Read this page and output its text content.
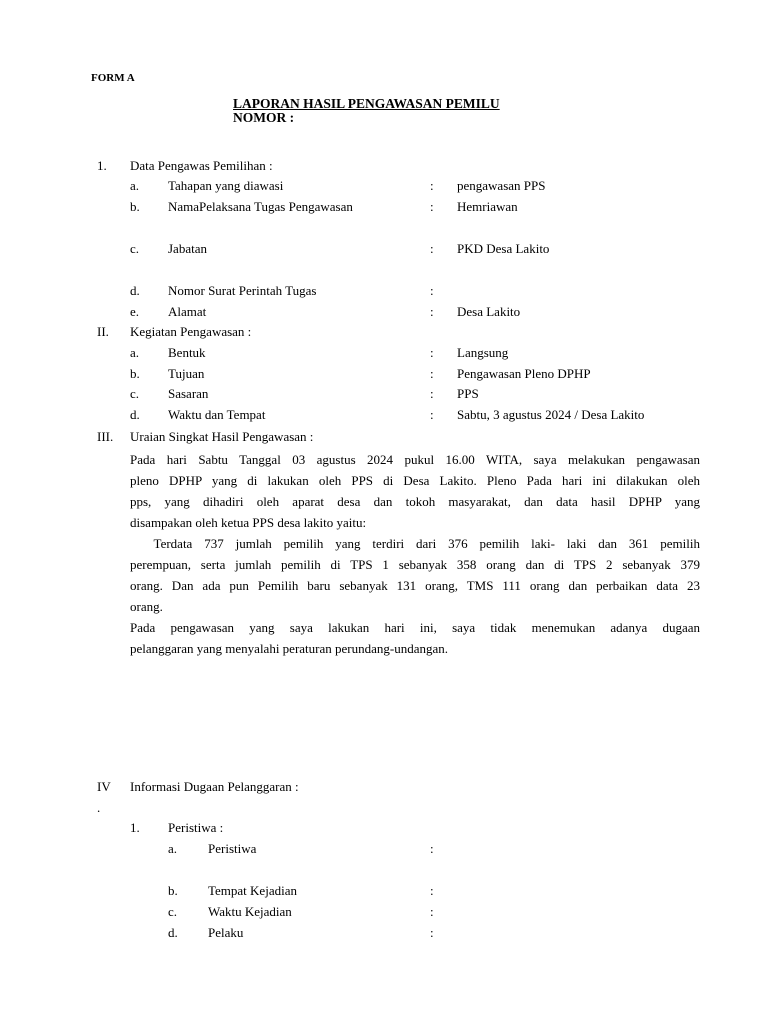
FORM A
LAPORAN HASIL PENGAWASAN PEMILU
NOMOR :
1. Data Pengawas Pemilihan :
a. Tahapan yang diawasi	: pengawasan PPS
b. NamaPelaksana Tugas Pengawasan	: Hemriawan
c. Jabatan	: PKD Desa Lakito
d. Nomor Surat Perintah Tugas	:
e. Alamat	: Desa Lakito
II. Kegiatan Pengawasan :
a. Bentuk	: Langsung
b. Tujuan	: Pengawasan Pleno DPHP
c. Sasaran	: PPS
d. Waktu dan Tempat	: Sabtu, 3 agustus 2024 / Desa Lakito
III. Uraian Singkat Hasil Pengawasan :
Pada hari Sabtu Tanggal 03 agustus 2024 pukul 16.00 WITA, saya melakukan pengawasan
pleno DPHP yang di lakukan oleh PPS di Desa Lakito. Pleno Pada hari ini dilakukan oleh
pps, yang dihadiri oleh aparat desa dan tokoh masyarakat, dan data hasil DPHP yang
disampakan oleh ketua PPS desa lakito yaitu:
Terdata 737 jumlah pemilih yang terdiri dari 376 pemilih laki- laki dan 361 pemilih
perempuan, serta jumlah pemilih di TPS 1 sebanyak 358 orang dan di TPS 2 sebanyak 379
orang. Dan ada pun Pemilih baru sebanyak 131 orang, TMS 111 orang dan perbaikan data 23
orang.
Pada pengawasan yang saya lakukan hari ini, saya tidak menemukan adanya dugaan
pelanggaran yang menyalahi peraturan perundang-undangan.
IV
.
Informasi Dugaan Pelanggaran :
1. Peristiwa :
a. Peristiwa	:
b. Tempat Kejadian	:
c. Waktu Kejadian	:
d. Pelaku	:
